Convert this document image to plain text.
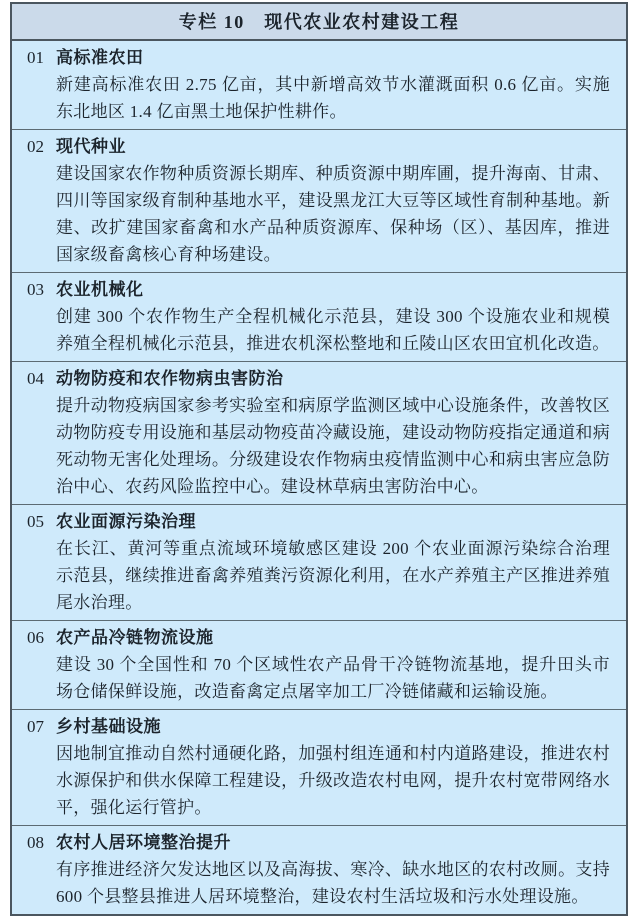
专栏 10　现代农业农村建设工程
01 高标准农田

新建高标准农田 2.75 亿亩，其中新增高效节水灌溉面积 0.6 亿亩。实施东北地区 1.4 亿亩黑土地保护性耕作。

02 现代种业

建设国家农作物种质资源长期库、种质资源中期库圃，提升海南、甘肃、四川等国家级育制种基地水平，建设黑龙江大豆等区域性育制种基地。新建、改扩建国家畜禽和水产品种质资源库、保种场（区）、基因库，推进国家级畜禽核心育种场建设。

03 农业机械化

创建 300 个农作物生产全程机械化示范县，建设 300 个设施农业和规模养殖全程机械化示范县，推进农机深松整地和丘陵山区农田宜机化改造。

04 动物防疫和农作物病虫害防治

提升动物疫病国家参考实验室和病原学监测区域中心设施条件，改善牧区动物防疫专用设施和基层动物疫苗冷藏设施，建设动物防疫指定通道和病死动物无害化处理场。分级建设农作物病虫疫情监测中心和病虫害应急防治中心、农药风险监控中心。建设林草病虫害防治中心。

05 农业面源污染治理

在长江、黄河等重点流域环境敏感区建设 200 个农业面源污染综合治理示范县，继续推进畜禽养殖粪污资源化利用，在水产养殖主产区推进养殖尾水治理。

06 农产品冷链物流设施

建设 30 个全国性和 70 个区域性农产品骨干冷链物流基地，提升田头市场仓储保鲜设施，改造畜禽定点屠宰加工厂冷链储藏和运输设施。

07 乡村基础设施

因地制宜推动自然村通硬化路，加强村组连通和村内道路建设，推进农村水源保护和供水保障工程建设，升级改造农村电网，提升农村宽带网络水平，强化运行管护。

08 农村人居环境整治提升

有序推进经济欠发达地区以及高海拔、寒冷、缺水地区的农村改厕。支持 600 个县整县推进人居环境整治，建设农村生活垃圾和污水处理设施。
